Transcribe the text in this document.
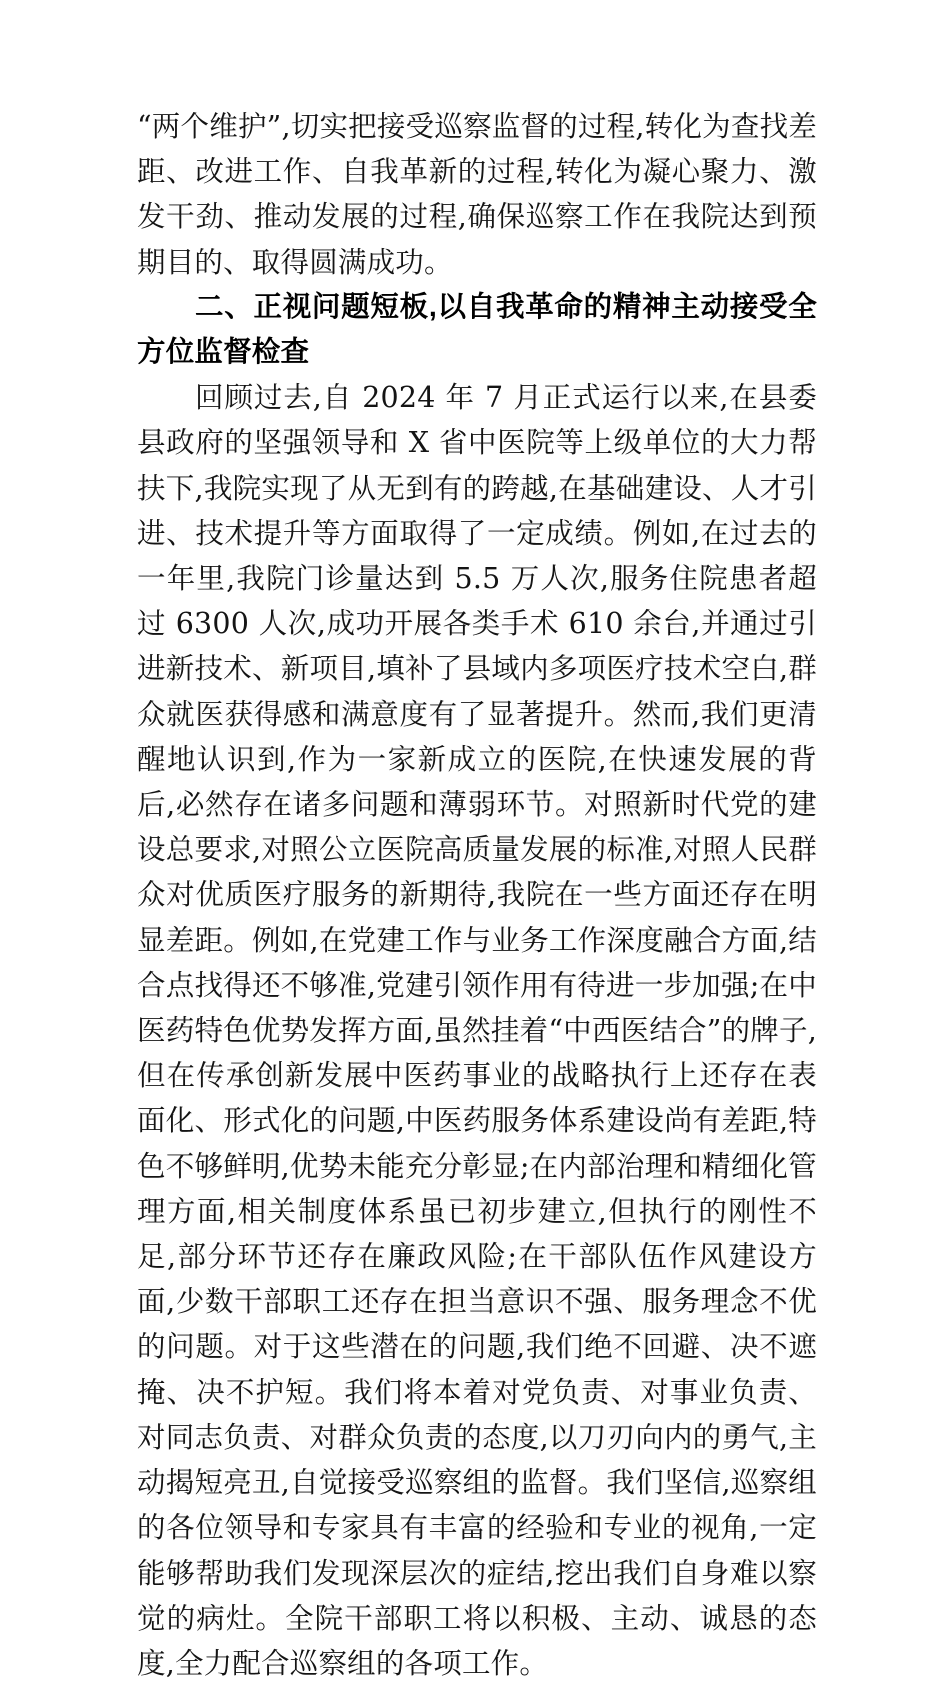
“两个维护”,切实把接受巡察监督的过程,转化为查找差距、改进工作、自我革新的过程,转化为凝心聚力、激发干劲、推动发展的过程,确保巡察工作在我院达到预期目的、取得圆满成功。

二、正视问题短板,以自我革命的精神主动接受全方位监督检查

回顾过去,自 2024 年 7 月正式运行以来,在县委县政府的坚强领导和 X 省中医院等上级单位的大力帮扶下,我院实现了从无到有的跨越,在基础建设、人才引进、技术提升等方面取得了一定成绩。例如,在过去的一年里,我院门诊量达到 5.5 万人次,服务住院患者超过 6300 人次,成功开展各类手术 610 余台,并通过引进新技术、新项目,填补了县域内多项医疗技术空白,群众就医获得感和满意度有了显著提升。然而,我们更清醒地认识到,作为一家新成立的医院,在快速发展的背后,必然存在诸多问题和薄弱环节。对照新时代党的建设总要求,对照公立医院高质量发展的标准,对照人民群众对优质医疗服务的新期待,我院在一些方面还存在明显差距。例如,在党建工作与业务工作深度融合方面,结合点找得还不够准,党建引领作用有待进一步加强;在中医药特色优势发挥方面,虽然挂着“中西医结合”的牌子,但在传承创新发展中医药事业的战略执行上还存在表面化、形式化的问题,中医药服务体系建设尚有差距,特色不够鲜明,优势未能充分彰显;在内部治理和精细化管理方面,相关制度体系虽已初步建立,但执行的刚性不足,部分环节还存在廉政风险;在干部队伍作风建设方面,少数干部职工还存在担当意识不强、服务理念不优的问题。对于这些潜在的问题,我们绝不回避、决不遮掩、决不护短。我们将本着对党负责、对事业负责、对同志负责、对群众负责的态度,以刀刃向内的勇气,主动揭短亮丑,自觉接受巡察组的监督。我们坚信,巡察组的各位领导和专家具有丰富的经验和专业的视角,一定能够帮助我们发现深层次的症结,挖出我们自身难以察觉的病灶。全院干部职工将以积极、主动、诚恳的态度,全力配合巡察组的各项工作。
